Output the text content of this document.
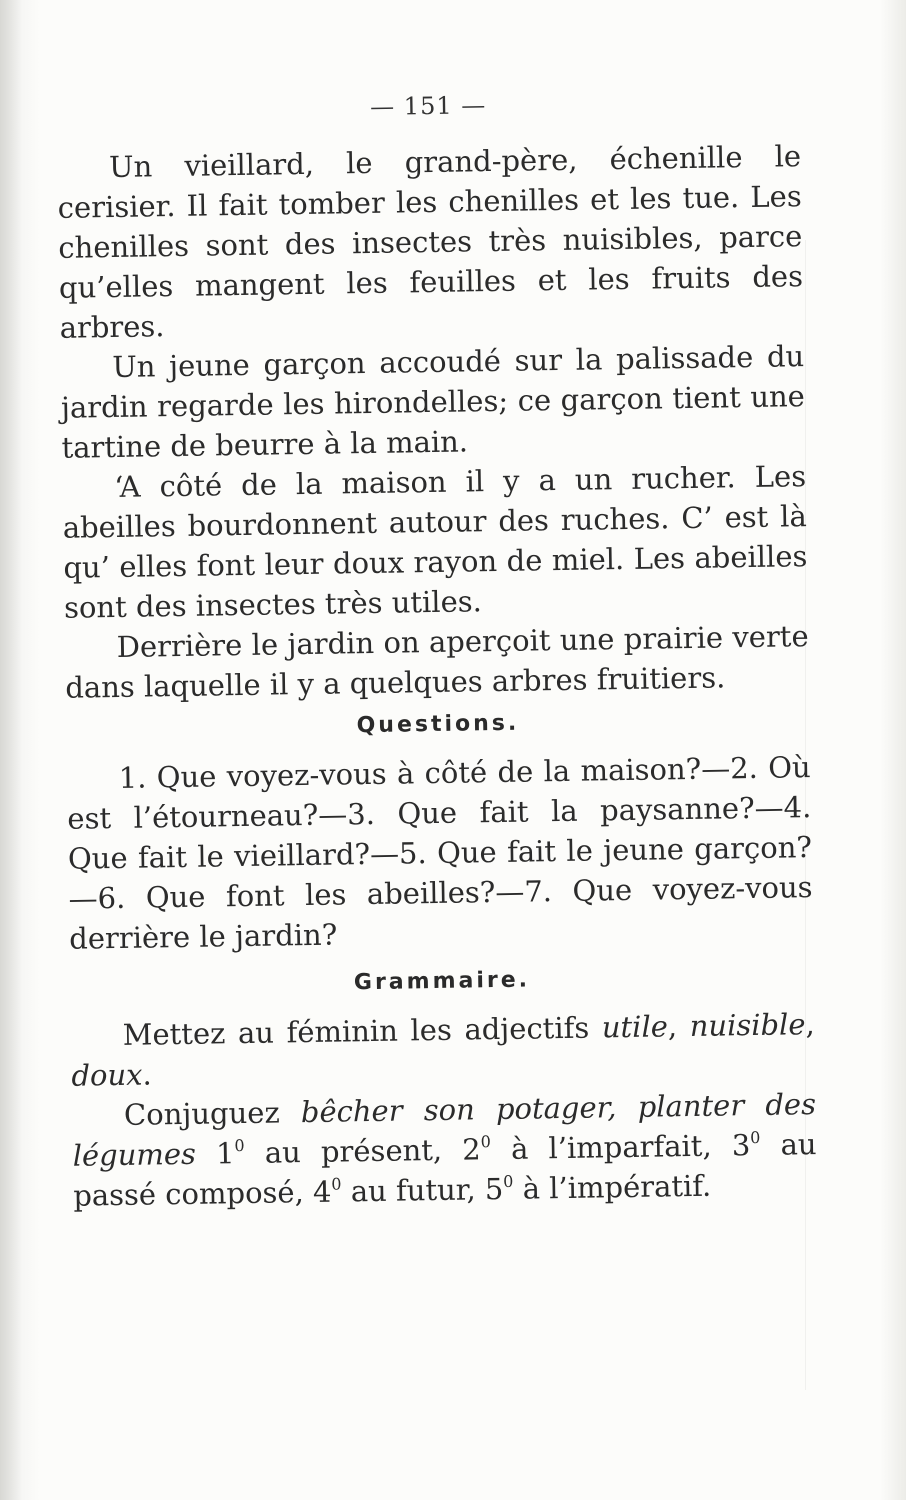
— 151 —

Un vieillard, le grand-père, échenille le cerisier. Il fait tomber les chenilles et les tue. Les chenilles sont des insectes très nuisibles, parce qu’elles mangent les feuilles et les fruits des arbres.

Un jeune garçon accoudé sur la palissade du jardin regarde les hirondelles; ce garçon tient une tartine de beurre à la main.

‘A côté de la maison il y a un rucher. Les abeilles bourdonnent autour des ruches. C’ est là qu’ elles font leur doux rayon de miel. Les abeilles sont des insectes très utiles.

Derrière le jardin on aperçoit une prairie verte dans laquelle il y a quelques arbres fruitiers.

Questions.

1. Que voyez-vous à côté de la maison?—2. Où est l’étourneau?—3. Que fait la paysanne?—4. Que fait le vieillard?—5. Que fait le jeune garçon?—6. Que font les abeilles?—7. Que voyez-vous derrière le jardin?

Grammaire.

Mettez au féminin les adjectifs utile, nuisible, doux.

Conjuguez bêcher son potager, planter des légumes $1^0$ au présent, $2^0$ à l’imparfait, $3^0$ au passé composé, $4^0$ au futur, $5^0$ à l’impératif.
